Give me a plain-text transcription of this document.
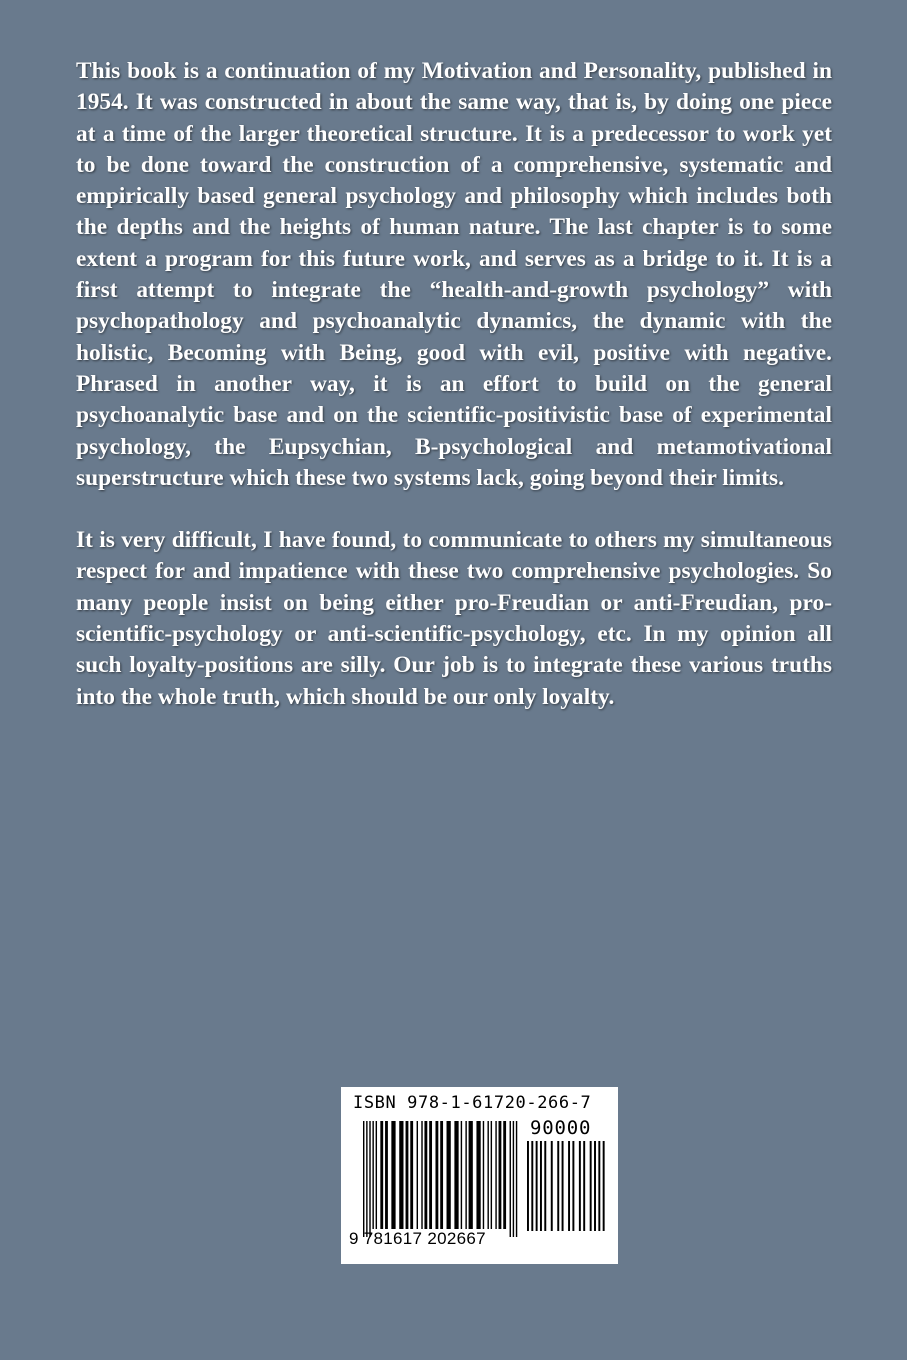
This book is a continuation of my Motivation and Personality, published in 1954. It was constructed in about the same way, that is, by doing one piece at a time of the larger theoretical structure. It is a predecessor to work yet to be done toward the construction of a comprehensive, systematic and empirically based general psychology and philosophy which includes both the depths and the heights of human nature. The last chapter is to some extent a program for this future work, and serves as a bridge to it. It is a first attempt to integrate the “health-and-growth psychology” with psychopathology and psychoanalytic dynamics, the dynamic with the holistic, Becoming with Being, good with evil, positive with negative. Phrased in another way, it is an effort to build on the general psychoanalytic base and on the scientific-positivistic base of experimental psychology, the Eupsychian, B-psychological and metamotivational superstructure which these two systems lack, going beyond their limits.

It is very difficult, I have found, to communicate to others my simultaneous respect for and impatience with these two comprehensive psychologies. So many people insist on being either pro-Freudian or anti-Freudian, pro-scientific-psychology or anti-scientific-psychology, etc. In my opinion all such loyalty-positions are silly. Our job is to integrate these various truths into the whole truth, which should be our only loyalty.

ISBN 978-1-61720-266-7
90000
9 781617 202667
